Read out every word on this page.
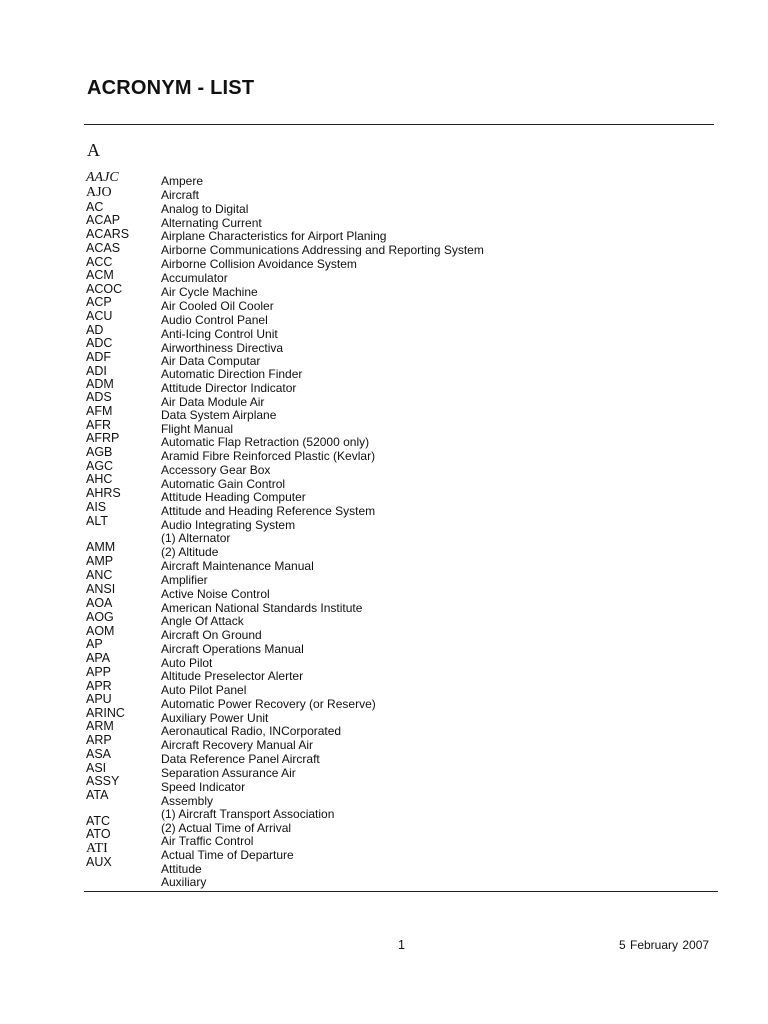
ACRONYM - LIST
A
AAJC
AJO
AC
ACAP
ACARS
ACAS
ACC
ACM
ACOC
ACP
ACU
AD
ADC
ADF
ADI
ADM
ADS
AFM
AFR
AFRP
AGB
AGC
AHC
AHRS
AIS
ALT
AMM
AMP
ANC
ANSI
AOA
AOG
AOM
AP
APA
APP
APR
APU
ARINC
ARM
ARP
ASA
ASI
ASSY
ATA
ATC
ATO
ATI
AUX
Ampere
Aircraft
Analog to Digital
Alternating Current
Airplane Characteristics for Airport Planing
Airborne Communications Addressing and Reporting System
Airborne Collision Avoidance System
Accumulator
Air Cycle Machine
Air Cooled Oil Cooler
Audio Control Panel
Anti-Icing Control Unit
Airworthiness Directiva
Air Data Computar
Automatic Direction Finder
Attitude Director Indicator
Air Data Module Air
Data System Airplane
Flight Manual
Automatic Flap Retraction (52000 only)
Aramid Fibre Reinforced Plastic (Kevlar)
Accessory Gear Box
Automatic Gain Control
Attitude Heading Computer
Attitude and Heading Reference System
Audio Integrating System
(1) Alternator
(2) Altitude
Aircraft Maintenance Manual
Amplifier
Active Noise Control
American National Standards Institute
Angle Of Attack
Aircraft On Ground
Aircraft Operations Manual
Auto Pilot
Altitude Preselector Alerter
Auto Pilot Panel
Automatic Power Recovery (or Reserve)
Auxiliary Power Unit
Aeronautical Radio, INCorporated
Aircraft Recovery Manual Air
Data Reference Panel Aircraft
Separation Assurance Air
Speed Indicator
Assembly
(1) Aircraft Transport Association
(2) Actual Time of Arrival
Air Traffic Control
Actual Time of Departure
Attitude
Auxiliary
1	5 February 2007
